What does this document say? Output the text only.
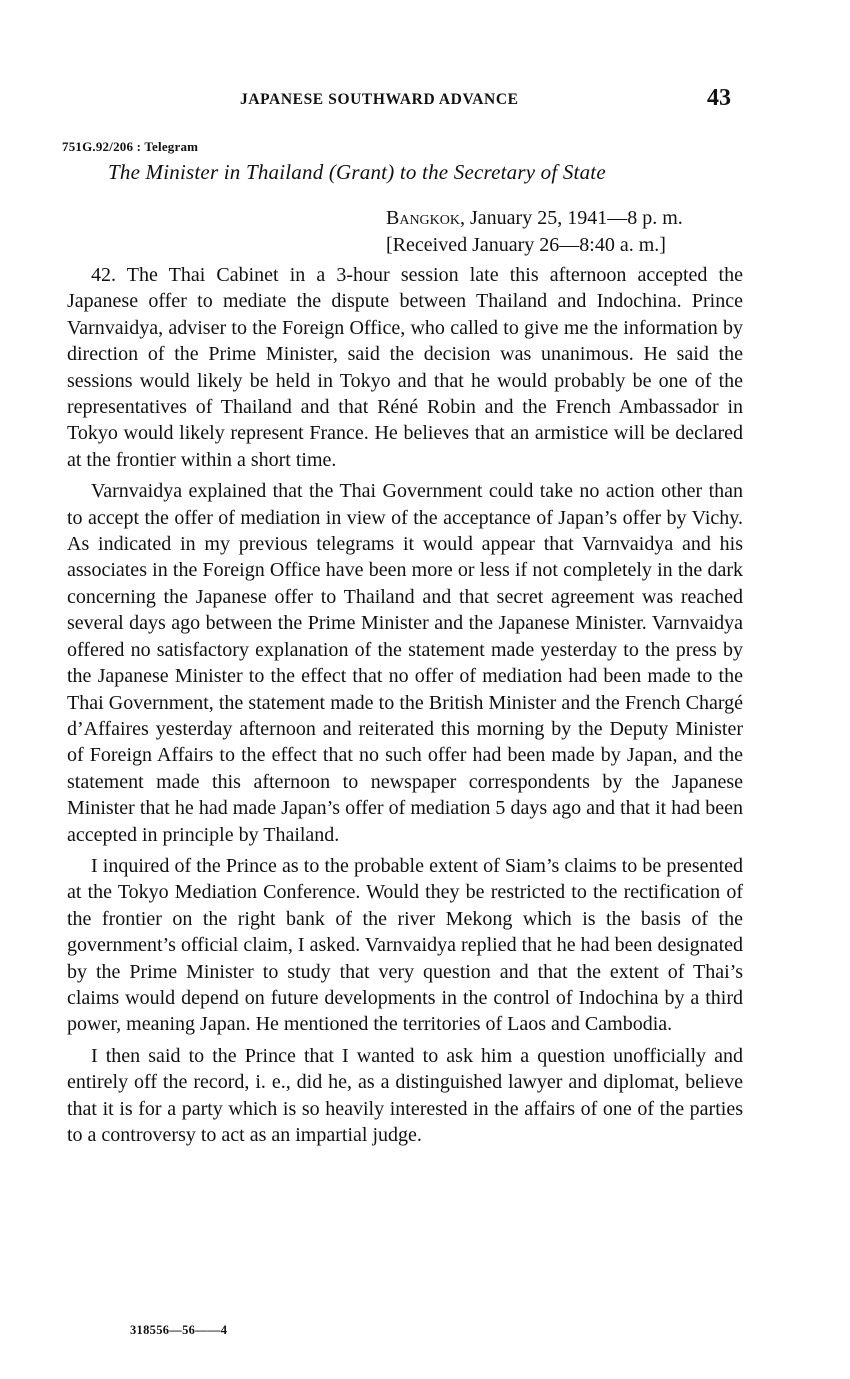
JAPANESE SOUTHWARD ADVANCE	43
751G.92/206 : Telegram
The Minister in Thailand (Grant) to the Secretary of State
Bangkok, January 25, 1941—8 p. m.
[Received January 26—8:40 a. m.]

42. The Thai Cabinet in a 3-hour session late this afternoon accepted the Japanese offer to mediate the dispute between Thailand and Indochina. Prince Varnvaidya, adviser to the Foreign Office, who called to give me the information by direction of the Prime Minister, said the decision was unanimous. He said the sessions would likely be held in Tokyo and that he would probably be one of the representatives of Thailand and that Réné Robin and the French Ambassador in Tokyo would likely represent France. He believes that an armistice will be declared at the frontier within a short time.

Varnvaidya explained that the Thai Government could take no action other than to accept the offer of mediation in view of the acceptance of Japan’s offer by Vichy. As indicated in my previous telegrams it would appear that Varnvaidya and his associates in the Foreign Office have been more or less if not completely in the dark concerning the Japanese offer to Thailand and that secret agreement was reached several days ago between the Prime Minister and the Japanese Minister. Varnvaidya offered no satisfactory explanation of the statement made yesterday to the press by the Japanese Minister to the effect that no offer of mediation had been made to the Thai Government, the statement made to the British Minister and the French Chargé d’Affaires yesterday afternoon and reiterated this morning by the Deputy Minister of Foreign Affairs to the effect that no such offer had been made by Japan, and the statement made this afternoon to newspaper correspondents by the Japanese Minister that he had made Japan’s offer of mediation 5 days ago and that it had been accepted in principle by Thailand.

I inquired of the Prince as to the probable extent of Siam’s claims to be presented at the Tokyo Mediation Conference. Would they be restricted to the rectification of the frontier on the right bank of the river Mekong which is the basis of the government’s official claim, I asked. Varnvaidya replied that he had been designated by the Prime Minister to study that very question and that the extent of Thai’s claims would depend on future developments in the control of Indochina by a third power, meaning Japan. He mentioned the territories of Laos and Cambodia.

I then said to the Prince that I wanted to ask him a question unofficially and entirely off the record, i. e., did he, as a distinguished lawyer and diplomat, believe that it is for a party which is so heavily interested in the affairs of one of the parties to a controversy to act as an impartial judge.

318556—56——4
